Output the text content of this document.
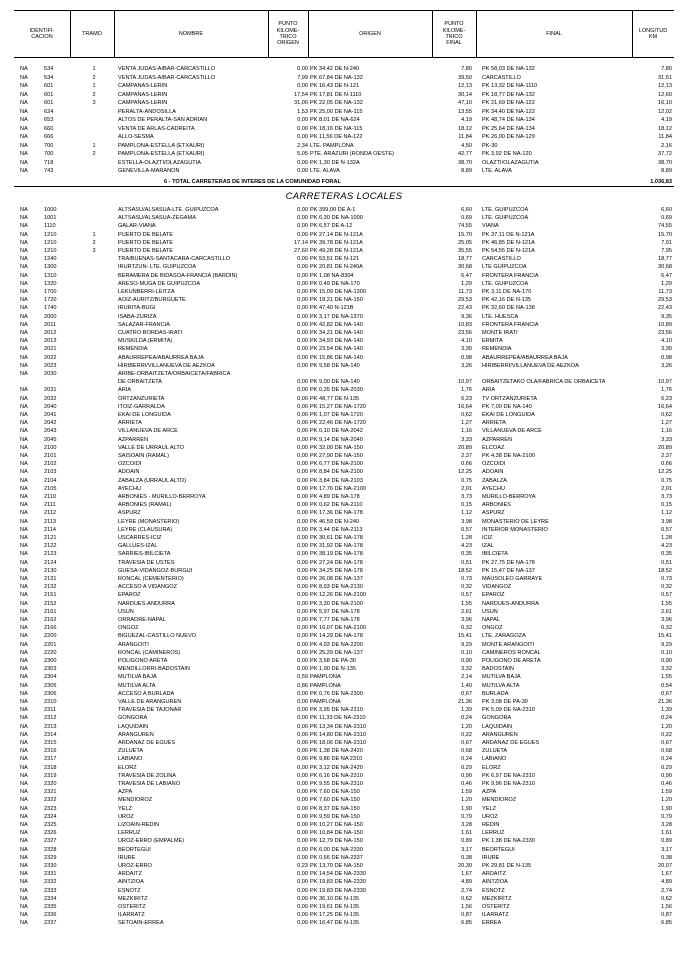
IDENTIFI-
CACION
TRAMO	NOMBRE
PUNTO
KILOME-
TRICO
ORIGEN
ORIGEN
PUNTO
KILOME-
TRICO
FINAL
FINAL
LONGITUD
KM
NA	534	1	VENTA JUDAS-AIBAR-CARCASTILLO	0,00 PK 34,42 DE N-240	7,80 PK 58,03 DE NA-132	7,80
NA	534	2	VENTA JUDAS-AIBAR-CARCASTILLO	7,99 PK 67,84 DE NA-132	39,50 CARCASTILLO	31,51
NA	601	1	CAMPANAS-LERIN	0,00 PK 16,43 DE N-121	12,13 PK 13,32 DE NA-1110	12,13
NA	601	2	CAMPANAS-LERIN	17,54 PK 17,81 DE N-1110	30,14 PK 18,77 DE NA-132	12,60
NA	601	3	CAMPANAS-LERIN	31,00 PK 22,05 DE NA-132	47,10 PK 21,69 DE NA-122	16,10
NA	624	PERALTA-ANDOSILLA	1,53 PK 25,00 DE NA-115	13,55 PK 34,40 DE NA-122	12,02
NA	653	ALTOS DE PERALTA-SAN ADRIAN	0,00 PK 8,01 DE NA-624	4,19 PK 48,74 DE NA-134	4,19
NA	660	VENTA DE ARLAS-CADREITA	0,00 PK 18,16 DE NA-115	18,12 PK 25,64 DE NA-134	18,12
NA	666	ALLO-SESMA	0,00 PK 11,56 DE NA-122	11,84 PK 26,00 DE NA-129	11,84
NA	700	1	PAMPLONA-ESTELLA (ETXAURI)	2,34 LTE. PAMPLONA	4,50 PK-30	2,16
NA	700	2	PAMPLONA-ESTELLA (ETXAURI)	5,05 PTE. ARAZURI (RONDA OESTE)	42,77 PK 3,92 DE NA-120	37,72
NA	718	ESTELLA-OLAZTI/OLAZAGUTIA	0,00 PK 1,30 DE N-132A	38,70 OLAZTI/OLAZAGUTIA	38,70
NA	743	GENEVILLA-MARAÑON	0,00 LTE. ALAVA	8,89 LTE. ALAVA	8,89
6 - TOTAL CARRETERAS DE INTERES DE LA COMUNIDAD FORAL	1.036,83
CARRETERAS LOCALES
NA	1000	ALTSASU/ALSASUA-LTE. GUIPUZCOA	0,00 PK 399,00 DE A-1	6,60 LTE. GUIPUZCOA	6,60
NA	1001	ALTSASU/ALSASUA-ZEGAMA	0,00 PK 6,30 DE NA-1000	0,69 LTE. GUIPUZCOA	0,69
NA	1110	GALAR-VIANA	0,00 PK 6,57 DE A-12	74,55 VIANA	74,55
NA	1210	1	PUERTO DE BELATE	0,00 PK 27,14 DE N-121A	15,70 PK 37,11 DE N-121A	15,70
NA	1210	2	PUERTO DE BELATE	17,14 PK 39,78 DE N-121A	25,05 PK 46,85 DE N-121A	7,91
NA	1210	3	PUERTO DE BELATE	27,60 PK 49,28 DE N-121A	35,55 PK 54,55 DE N-121A	7,95
NA	1240	TRAIBUENAS-SANTACARA-CARCASTILLO	0,00 PK 53,51 DE N-121	18,77 CARCASTILLO	18,77
NA	1300	IRURTZUN- LTE. GUIPUZCOA	0,00 PK 20,81 DE N-240A	30,68 LTE GUIPUZCOA	30,68
NA	1310	BERAMERA DE BIDASOA-FRANCIA (BARDIN)	0,00 PK 1,08 NA-8304	6,47 FRONTERA FRANCIA	6,47
NA	1320	ARESO-MUGA DE GUIPUZCOA	0,00 PK 0,49 DE NA-170	1,29 LTE. GUIPUZCOA	1,29
NA	1700	LEKUNBERRI-LEITZA	0,00 PK 15,09 DE NA-1300	11,73 PK 3,11 DE NA-170	11,73
NA	1720	AOIZ-AURITZ/BURGUETE	0,00 PK 18,21 DE NA-150	29,53 PK 42,16 DE N-135	29,53
NA	1740	IRURITA-BUGI	0,00 PK 47,40 N-121B	22,43 PK 32,60 DE NA-138	22,43
NA	2000	ISABA-ZURIZA	0,00 PK 3,17 DE NA-1370	9,36 LTE. HUESCA	9,35
NA	2011	SALAZAR-FRANCIA	0,00 PK 42,82 DE NA-140	10,83 FRONTERA FRANCIA	10,89
NA	2012	CUATRO BORDAS-IRATI	0,00 PK 34,21 DE NA-140	23,56 MONTE IRATI	23,56
NA	2013	MUSKILDA (ERMITA)	0,00 PK 34,93 DE NA-140	4,10 ERMITA	4,10
NA	2021	REMENDIA	0,00 PK 23,54 DE NA-140	3,30 REMENDIA	3,30
NA	2022	ABAURREPEA/ABAURREA BAJA	0,00 PK 15,86 DE NA-140	0,98 ABAURREPEA/ABAURREA BAJA	0,98
NA	2023	HIRIBERRI/VILLANUEVA DE AEZKOA	0,00 PK 9,58 DE NA-140	3,26 HIRIBERRI/VILLANUEVA DE AEZKOA	3,26
NA	2030	ARIBE-ORBAITZETA/ORBAICETA/FABRICA
DE ORBAITZETA	0,00 PK 9,00 DE NA-140	10,97 ORBAITZETAKO OLA/FABRICA DE ORBAICETA	10,97
NA	2031	ARIA	0,00 PK 0,35 DE NA-2030	1,76 ARIA	1,76
NA	2032	ORTZANZURIETA	0,00 PK 48,77 DE N-135	6,23 TV ORTZANZURIETA	6,23
NA	2040	ITOIZ-GARRALDA	0,00 PK 15,27 DE NA-1720	16,64 PK 7,00 DE NA-140	16,64
NA	2041	EKAI DE LONGUIDA	0,00 PK 1,07 DE NA-1720	0,62 EKAI DE LONGUIDA	0,62
NA	2042	ARRIETA	0,00 PK 22,46 DE NA-1720	1,27 ARRIETA	1,27
NA	2043	VILLANUEVA DE ARCE	0,00 PK 0,10 DE NA-2042	1,16 VILLANUEVA DE ARCE	1,16
NA	2045	AZPARREN	0,00 PK 9,14 DE NA-2040	3,33 AZPARREN	3,33
NA	2100	VALLE DE URRAUL ALTO	0,00 PK 32,00 DE NA-150	20,89 ELCOAZ	20,89
NA	2101	SAISOAIN (RAMAL)	0,00 PK 27,90 DE NA-150	2,37 PK 4,38 DE NA-2100	2,37
NA	2102	OZCOIDI	0,00 PK 6,77 DE NA-2100	0,66 OZCOIDI	0,66
NA	2103	ADOAIN	0,00 PK 8,84 DE NA-2100	12,25 ADOAIN	12,25
NA	2104	ZABALZA (URRAUL ALTO)	0,00 PK 3,84 DE NA-2103	0,75 ZABALZA	0,75
NA	2105	AYECHU	0,00 PK 17,76 DE NA-2100	2,01 AYECHU	2,01
NA	2110	ARBONIES - MURILLO-BERROYA	0,00 PK 4,89 DE NA-178	3,73 MURILLO-BERROYA	3,73
NA	2111	ARBONIES (RAMAL)	0,00 PK 0,62 DE NA-2110	0,15 ARBONIES	0,15
NA	2112	ASPURZ	0,00 PK 17,36 DE NA-178	1,12 ASPURZ	1,12
NA	2113	LEYRE (MONASTERIO)	0,00 PK 46,59 DE N-240	3,98 MONASTERIO DE LEYRE	3,98
NA	2114	LEYRE (CLAUSURA)	0,00 PK 3,44 DE NA-2113	0,57 INTERIOR MONASTERIO	0,57
NA	2121	USCARRES-ICIZ	0,00 PK 30,61 DE NA-178	1,28 ICIZ	1,28
NA	2122	GALLUES-IZAL	0,00 PK 31,92 DE NA-178	4,23 IZAL	4,23
NA	2123	SARRIES-IBILCIETA	0,00 PK 38,19 DE NA-178	0,35 IBILCIETA	0,35
NA	2124	TRAVESIA DE USTES	0,00 PK 27,24 DE NA-178	0,51 PK 27,75 DE NA-178	0,51
NA	2130	GÜESA-VIDANGOZ-BURGUI	0,00 PK 34,25 DE NA-178	18,52 PK 15,47 DE NA-137	18,52
NA	2131	RONCAL (CEMENTERIO)	0,00 PK 26,08 DE NA-137	0,73 MAUSOLEO GARRAYE	0,73
NA	2132	ACCESO A VIDANGOZ	0,00 PK 8,93 DE NA-2130	0,32 VIDANGOZ	0,32
NA	2151	EPAROZ	0,00 PK 12,26 DE NA-2100	0,57 EPAROZ	0,57
NA	2152	NARDUES-ANDURRA	0,00 PK 3,30 DE NA-2100	1,55 NARDUES-ANDURRA	1,55
NA	2161	USUN	0,00 PK 5,97 DE NA-178	2,61 USUN	2,61
NA	2162	ORRADRE-NAPAL	0,00 PK 7,77 DE NA-178	3,96 NAPAL	3,96
NA	2166	ONGOZ	0,00 PK 16,07 DE NA-2100	0,32 ONGOZ	0,32
NA	2200	BIGÜEZAL-CASTILLO NUEVO	0,00 PK 14,29 DE NA-178	15,41 LTE. ZARAGOZA	15,41
NA	2201	ARANGOITI	0,00 PK 4,93 DE NA-2200	9,29 MONTE ARANGOITI	9,29
NA	2220	RONCAL (CAMINEROS)	0,00 PK 25,29 DE NA-137	0,10 CAMINEROS RONCAL	0,10
NA	2300	POLIGONO ARETA	0,00 PK 3,58 DE PA-30	0,90 POLIGONO DE ARETA	0,90
NA	2303	MENDILLORRI-BADOSTAIN	0,00 PK 1,90 DE N-135	3,32 BADOSTAIN	3,32
NA	2304	MUTILVA BAJA	0,59 PAMPLONA	2,14 MUTILVA BAJA	1,55
NA	2305	MUTILVA ALTA	0,86 PAMPLONA	1,40 MUTILVA ALTA	0,54
NA	2306	ACCESO A BURLADA	0,00 PK 0,76 DE NA-2300	0,67 BURLADA	0,67
NA	2310	VALLE DE ARANGUREN	0,00 PAMPLONA	21,36 PK 3,08 DE PA-30	21,36
NA	2311	TRAVESIA DE TAJONAR	0,00 PK 3,95 DE NA-2310	1,39 PK 5,09 DE NA-2310	1,39
NA	2312	GONGORA	0,00 PK 11,33 DE NA-2310	0,24 GONGORA	0,24
NA	2313	LAQUIDAIN	0,00 PK 13,34 DE NA-2310	1,20 LAQUIDAIN	1,20
NA	2314	ARANGUREN	0,00 PK 14,80 DE NA-2310	0,22 ARANGUREN	0,22
NA	2315	ARDANAZ DE EGÜES	0,00 PK 18,06 DE NA-2310	0,67 ARDANAZ DE EGÜES	0,67
NA	2316	ZULUETA	0,00 PK 1,38 DE NA-2420	0,68 ZULUETA	0,68
NA	2317	LABIANO	0,00 PK 9,86 DE NA 2310	0,24 LABIANO	0,24
NA	2318	ELORZ	0,00 PK 3,12 DE NA-2420	0,29 ELORZ	0,29
NA	2319	TRAVESIA DE ZOLINA	0,00 PK 6,16 DE NA-2310	0,90 PK 6,97 DE NA-2310	0,90
NA	2320	TRAVESIA DE LABIANO	0,00 PK 9,55 DE NA-2310	0,46 PK 9,96 DE NA-2310	0,46
NA	2321	AZPA	0,00 PK 7,60 DE NA-150	1,59 AZPA	1,59
NA	2322	MENDIOROZ	0,00 PK 7,60 DE NA-150	1,20 MENDIOROZ	1,20
NA	2323	YELZ	0,00 PK 8,37 DE NA-150	1,90 YELZ	1,90
NA	2324	UROZ	0,00 PK 9,59 DE NA-150	0,79 UROZ	0,79
NA	2325	LIZOAIN-REDIN	0,00 PK 10,27 DE NA-150	3,28 REDIN	3,28
NA	2326	LERRUZ	0,00 PK 10,84 DE NA-150	1,61 LERRUZ	1,61
NA	2327	UROZ-ERRO (EMPALME)	0,00 PK 12,79 DE NA-150	0,89 PK 1,38 DE NA-2330	0,89
NA	2328	BEORTEGUI	0,00 PK 6,00 DE NA-2330	3,17 BEORTEGUI	3,17
NA	2329	IRURE	0,00 PK 0,66 DE NA-2337	0,38 IRURE	0,38
NA	2330	UROZ-ERRO	0,23 PK 13,70 DE NA-150	20,30 PK 29,81 DE N-135	20,07
NA	2331	ARDAITZ	0,00 PK 14,54 DE NA-2330	1,67 ARDAITZ	1,67
NA	2332	AINTZIOA	0,00 PK 19,83 DE NA-2330	4,89 AINTZIOA	4,89
NA	2333	ESNOTZ	0,00 PK 19,83 DE NA-2330	2,74 ESNOTZ	2,74
NA	2334	MEZKIRITZ	0,00 PK 36,10 DE N-135	0,62 MEZKIRITZ	0,62
NA	2335	OSTERITZ	0,00 PK 19,61 DE N-135	1,56 OSTERITZ	1,56
NA	2336	ILARRATZ	0,00 PK 17,25 DE N-135	0,87 ILARRATZ	0,87
NA	2337	SETOAIN-ERREA	0,00 PK 16,47 DE N-135	6,85 ERREA	6,85
